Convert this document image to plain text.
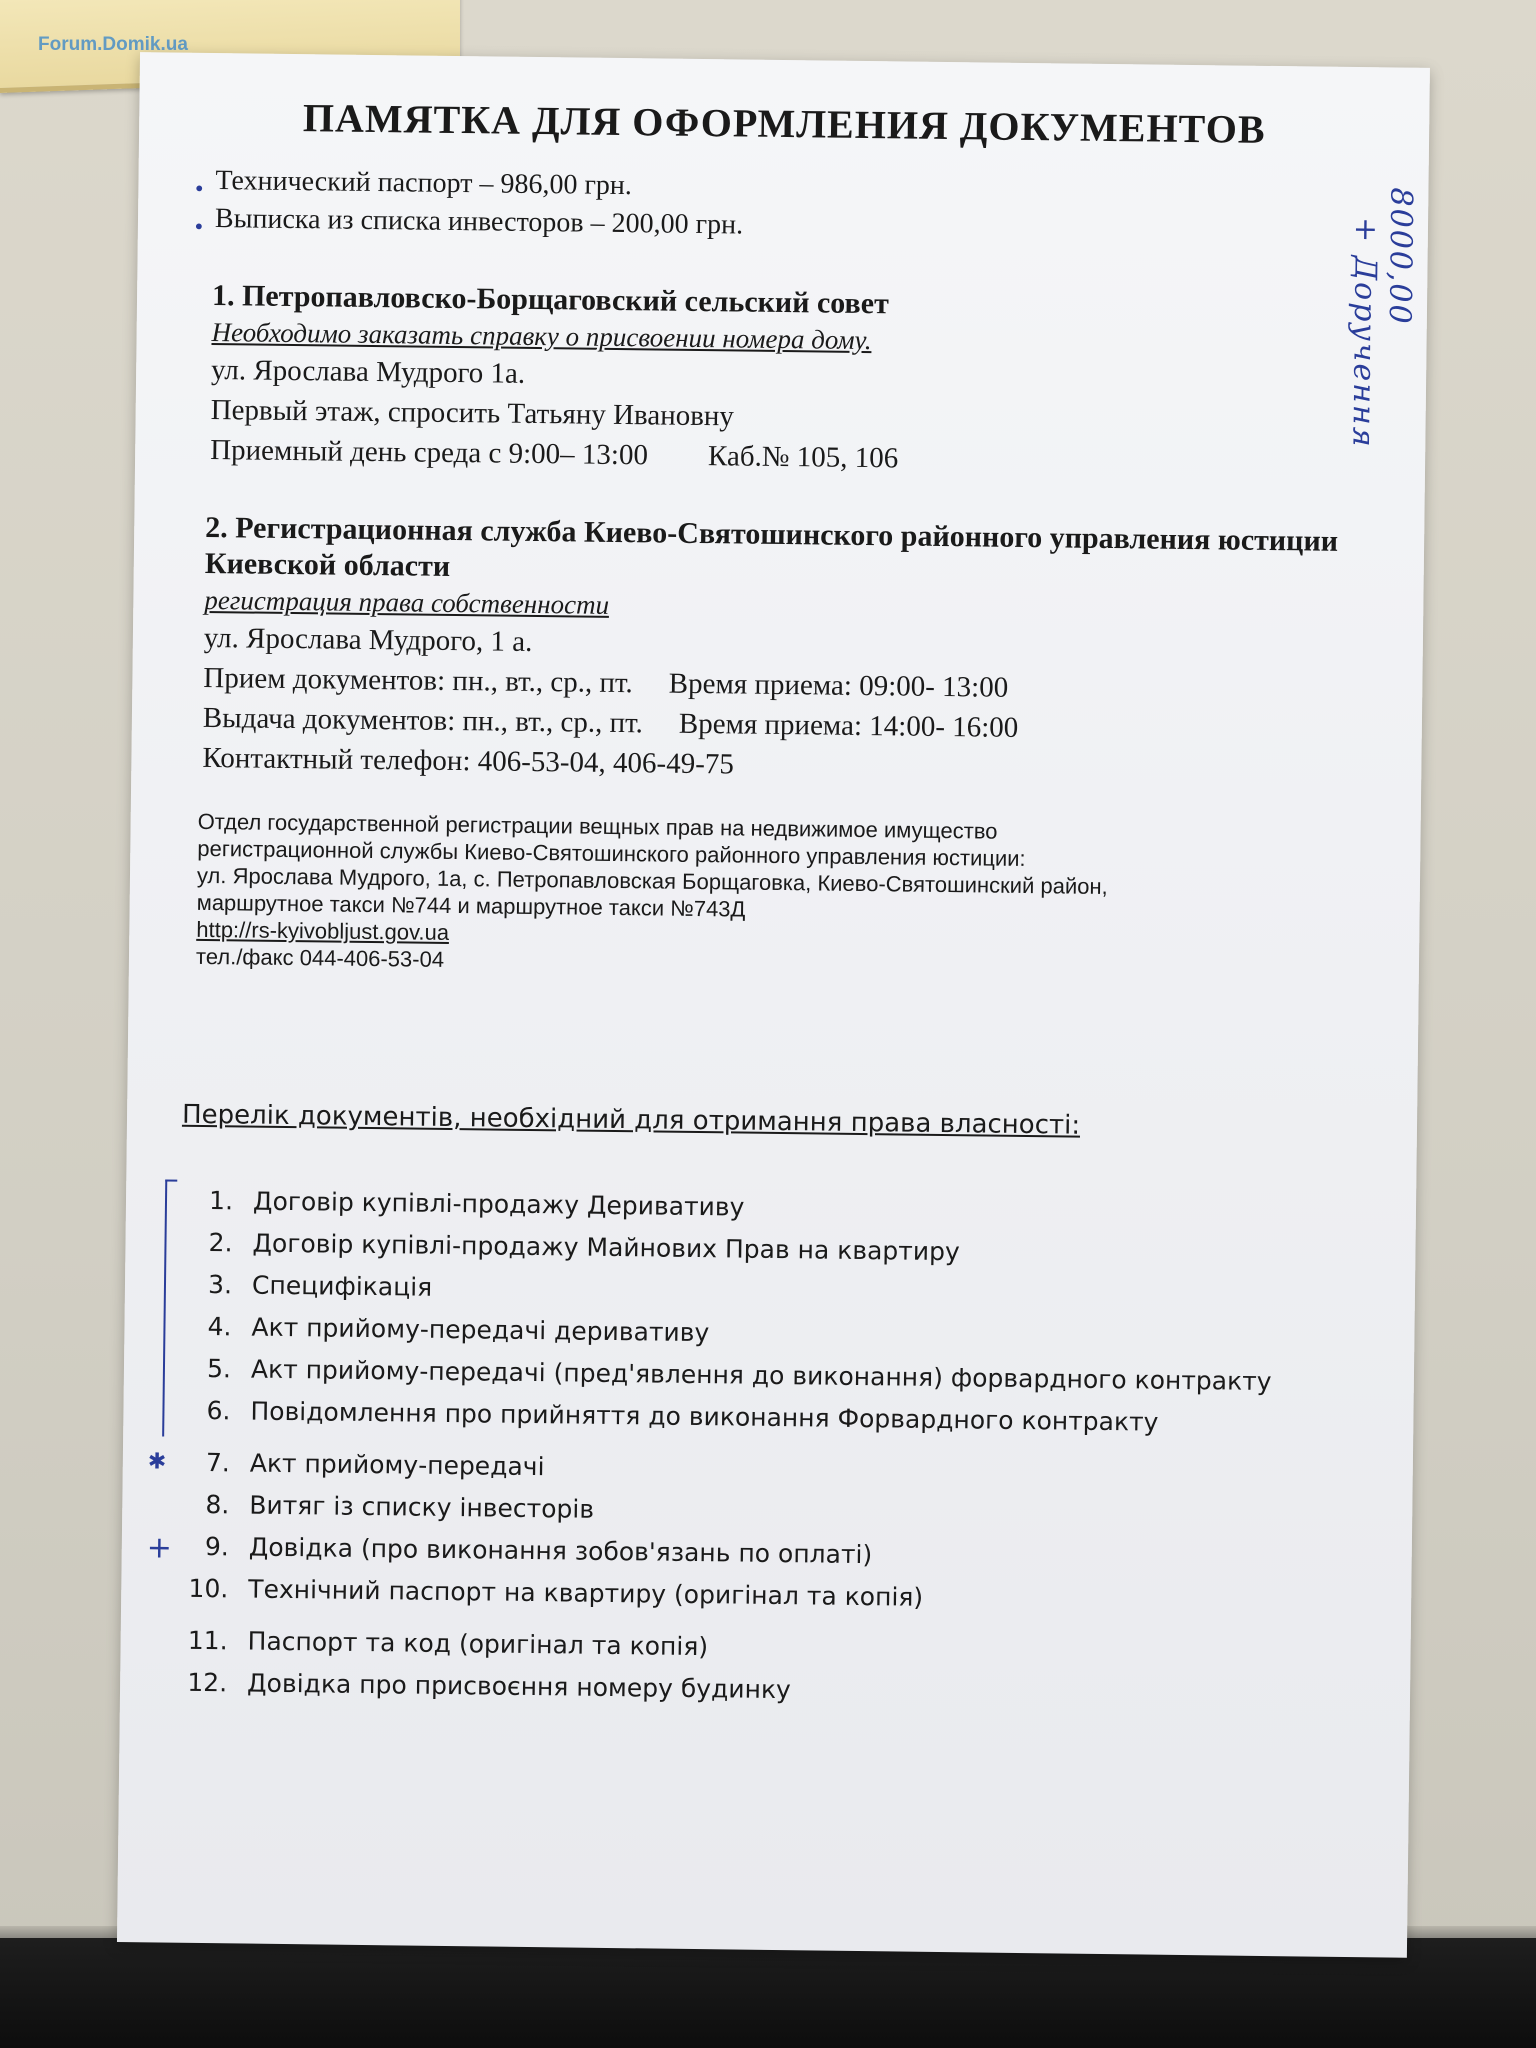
Forum.Domik.ua
ПАМЯТКА ДЛЯ ОФОРМЛЕНИЯ ДОКУМЕНТОВ
• Технический паспорт – 986,00 грн.
• Выписка из списка инвесторов – 200,00 грн.
1. Петропавловско-Борщаговский сельский совет
Необходимо заказать справку о присвоении номера дому.
ул. Ярослава Мудрого 1а.
Первый этаж, спросить Татьяну Ивановну
Приемный день среда с 9:00– 13:00 Каб.№ 105, 106
2. Регистрационная служба Киево-Святошинского районного управления юстиции Киевской области
регистрация права собственности
ул. Ярослава Мудрого, 1 а.
Прием документов: пн., вт., ср., пт. Время приема: 09:00- 13:00
Выдача документов: пн., вт., ср., пт. Время приема: 14:00- 16:00
Контактный телефон: 406-53-04, 406-49-75
Отдел государственной регистрации вещных прав на недвижимое имущество
регистрационной службы Киево-Святошинского районного управления юстиции:
ул. Ярослава Мудрого, 1а, с. Петропавловская Борщаговка, Киево-Святошинский район,
маршрутное такси №744 и маршрутное такси №743Д
http://rs-kyivobljust.gov.ua
тел./факс 044-406-53-04
Перелік документів, необхідний для отримання права власності:
1. Договір купівлі-продажу Деривативу
2. Договір купівлі-продажу Майнових Прав на квартиру
3. Специфікація
4. Акт прийому-передачі деривативу
5. Акт прийому-передачі (пред'явлення до виконання) форвардного контракту
6. Повідомлення про прийняття до виконання Форвардного контракту
✱ 7. Акт прийому-передачі
8. Витяг із списку інвесторів
+ 9. Довідка (про виконання зобов'язань по оплаті)
10. Технічний паспорт на квартиру (оригінал та копія)
11. Паспорт та код (оригінал та копія)
12. Довідка про присвоєння номеру будинку
8000,00
+ Доручення
